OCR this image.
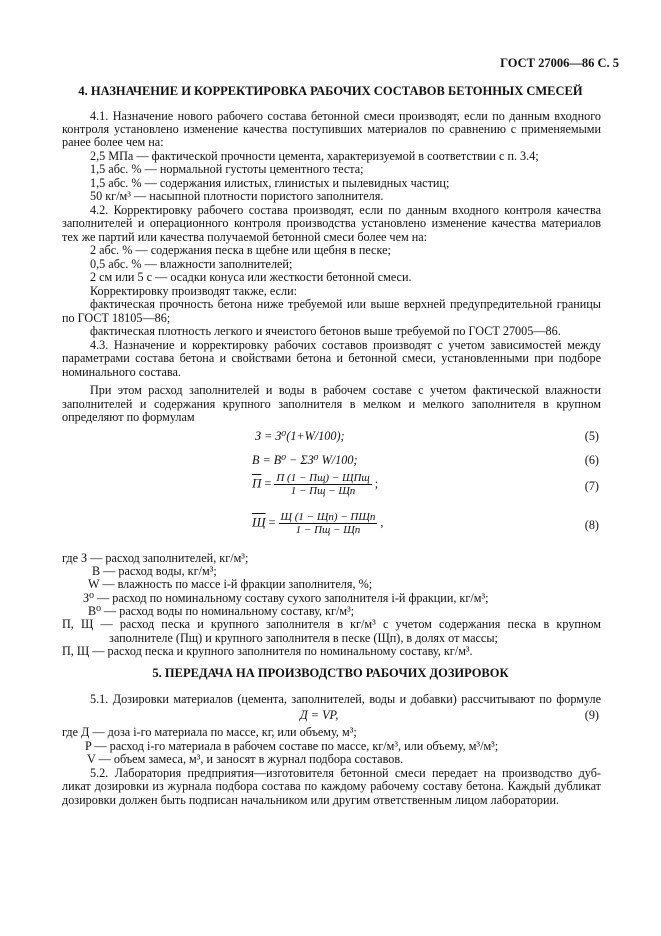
ГОСТ 27006—86 С. 5
4. НАЗНАЧЕНИЕ И КОРРЕКТИРОВКА РАБОЧИХ СОСТАВОВ БЕТОННЫХ СМЕСЕЙ
4.1. Назначение нового рабочего состава бетонной смеси производят, если по данным входного
контроля установлено изменение качества поступивших материалов по сравнению с применяемыми
ранее более чем на:
2,5 МПа — фактической прочности цемента, характеризуемой в соответствии с п. 3.4;
1,5 абс. % — нормальной густоты цементного теста;
1,5 абс. % — содержания илистых, глинистых и пылевидных частиц;
50 кг/м³ — насыпной плотности пористого заполнителя.
4.2. Корректировку рабочего состава производят, если по данным входного контроля качества
заполнителей и операционного контроля производства установлено изменение качества материалов
тех же партий или качества получаемой бетонной смеси более чем на:
2 абс. % — содержания песка в щебне или щебня в песке;
0,5 абс. % — влажности заполнителей;
2 см или 5 с — осадки конуса или жесткости бетонной смеси.
Корректировку производят также, если:
фактическая прочность бетона ниже требуемой или выше верхней предупредительной границы
по ГОСТ 18105—86;
фактическая плотность легкого и ячеистого бетонов выше требуемой по ГОСТ 27005—86.
4.3. Назначение и корректировку рабочих составов производят с учетом зависимостей между
параметрами состава бетона и свойствами бетона и бетонной смеси, установленными при подборе
номинального состава.
При этом расход заполнителей и воды в рабочем составе с учетом фактической влажности
заполнителей и содержания крупного заполнителя в мелком и мелкого заполнителя в крупном
определяют по формулам
З = З⁰(1+W/100);	(5)
В = В⁰ − ΣЗ⁰ W/100;	(6)
$П = \frac{\text{П (1 − Пщ) − ЩПщ}}{1 - Пщ - Щп}$ ;	(7)
$Щ = \frac{\text{Щ (1 − Щп) − ПЩп}}{1 - Пщ - Щп}$ ,	(8)
где З — расход заполнителей, кг/м³;
В — расход воды, кг/м³;
W — влажность по массе i-й фракции заполнителя, %;
З⁰ — расход по номинальному составу сухого заполнителя i-й фракции, кг/м³;
В⁰ — расход воды по номинальному составу, кг/м³;
П, Щ — расход песка и крупного заполнителя в кг/м³ с учетом содержания песка в крупном
заполнителе (Пщ) и крупного заполнителя в песке (Щп), в долях от массы;
П, Щ — расход песка и крупного заполнителя по номинальному составу, кг/м³.
5. ПЕРЕДАЧА НА ПРОИЗВОДСТВО РАБОЧИХ ДОЗИРОВОК
5.1. Дозировки материалов (цемента, заполнителей, воды и добавки) рассчитывают по формуле
Д = VP,	(9)
где Д — доза i-го материала по массе, кг, или объему, м³;
P — расход i-го материала в рабочем составе по массе, кг/м³, или объему, м³/м³;
V — объем замеса, м³, и заносят в журнал подбора составов.
5.2. Лаборатория предприятия—изготовителя бетонной смеси передает на производство дуб-
ликат дозировки из журнала подбора состава по каждому рабочему составу бетона. Каждый дубликат
дозировки должен быть подписан начальником или другим ответственным лицом лаборатории.
